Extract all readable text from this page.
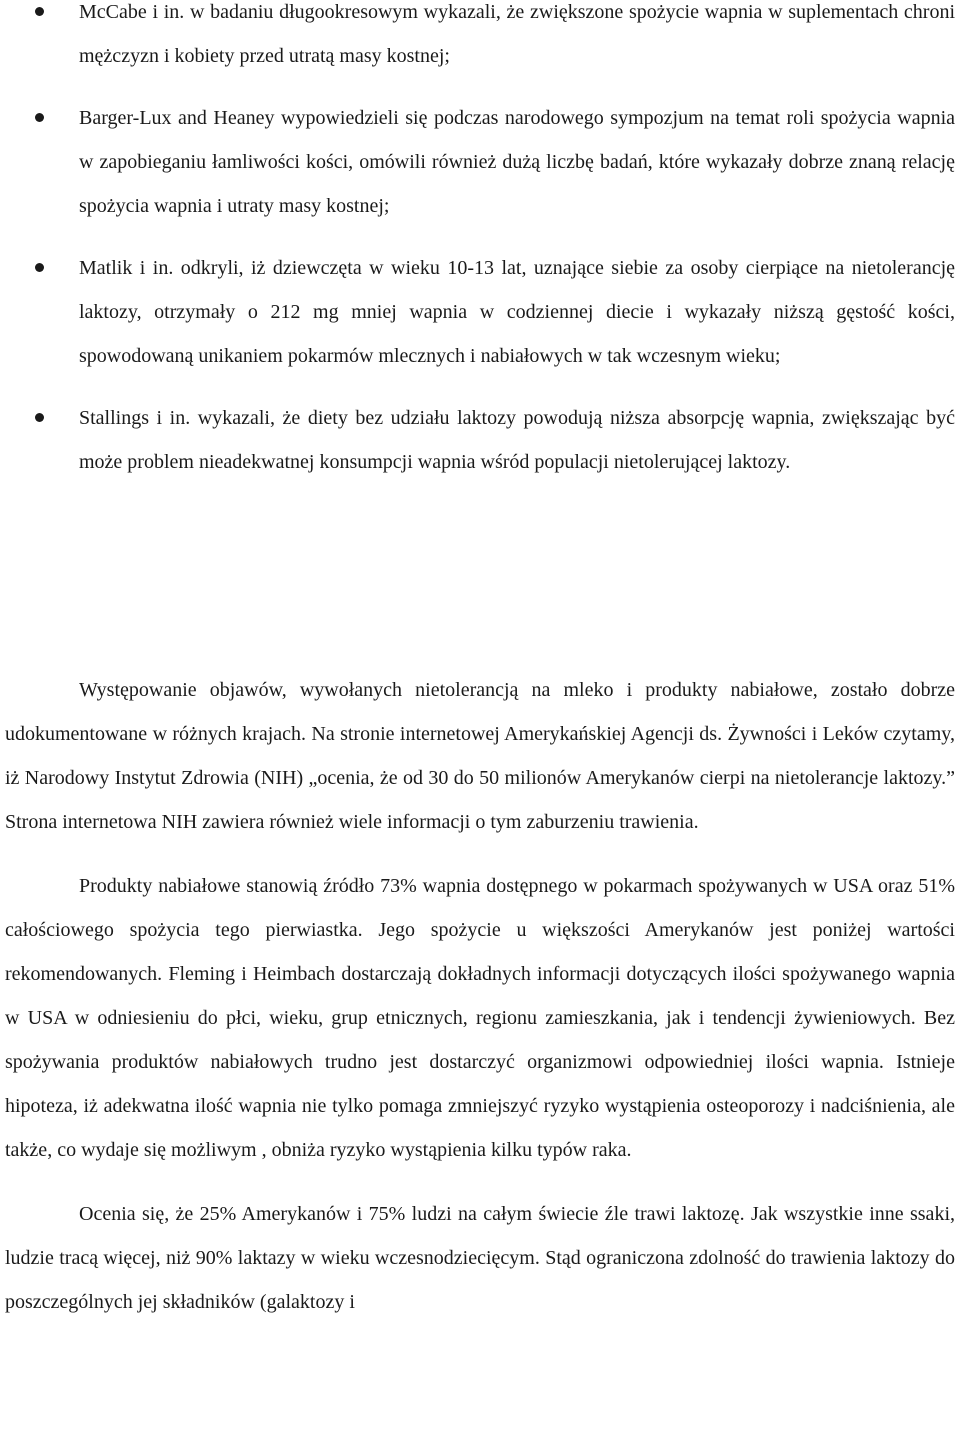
McCabe i in. w badaniu długookresowym wykazali, że zwiększone spożycie wapnia w suplementach chroni mężczyzn i kobiety przed utratą masy kostnej;
Barger-Lux and Heaney wypowiedzieli się podczas narodowego sympozjum na temat roli spożycia wapnia w zapobieganiu łamliwości kości, omówili również dużą liczbę badań, które wykazały dobrze znaną relację spożycia wapnia i utraty masy kostnej;
Matlik i in. odkryli, iż dziewczęta w wieku 10-13 lat, uznające siebie za osoby cierpiące na nietolerancję laktozy, otrzymały o 212 mg mniej wapnia w codziennej diecie i wykazały niższą gęstość kości, spowodowaną unikaniem pokarmów mlecznych i nabiałowych w tak wczesnym wieku;
Stallings i in. wykazali, że diety bez udziału laktozy powodują niższa absorpcję wapnia, zwiększając być może problem nieadekwatnej konsumpcji wapnia wśród populacji nietolerującej laktozy.

Występowanie objawów, wywołanych nietolerancją na mleko i produkty nabiałowe, zostało dobrze udokumentowane w różnych krajach. Na stronie internetowej Amerykańskiej Agencji ds. Żywności i Leków czytamy, iż Narodowy Instytut Zdrowia (NIH) „ocenia, że od 30 do 50 milionów Amerykanów cierpi na nietolerancje laktozy.” Strona internetowa NIH zawiera również wiele informacji o tym zaburzeniu trawienia.

Produkty nabiałowe stanowią źródło 73% wapnia dostępnego w pokarmach spożywanych w USA oraz 51% całościowego spożycia tego pierwiastka. Jego spożycie u większości Amerykanów jest poniżej wartości rekomendowanych. Fleming i Heimbach dostarczają dokładnych informacji dotyczących ilości spożywanego wapnia w USA w odniesieniu do płci, wieku, grup etnicznych, regionu zamieszkania, jak i tendencji żywieniowych. Bez spożywania produktów nabiałowych trudno jest dostarczyć organizmowi odpowiedniej ilości wapnia. Istnieje hipoteza, iż adekwatna ilość wapnia nie tylko pomaga zmniejszyć ryzyko wystąpienia osteoporozy i nadciśnienia, ale także, co wydaje się możliwym , obniża ryzyko wystąpienia kilku typów raka.

Ocenia się, że 25% Amerykanów i 75% ludzi na całym świecie źle trawi laktozę. Jak wszystkie inne ssaki, ludzie tracą więcej, niż 90% laktazy w wieku wczesnodziecięcym. Stąd ograniczona zdolność do trawienia laktozy do poszczególnych jej składników (galaktozy i
